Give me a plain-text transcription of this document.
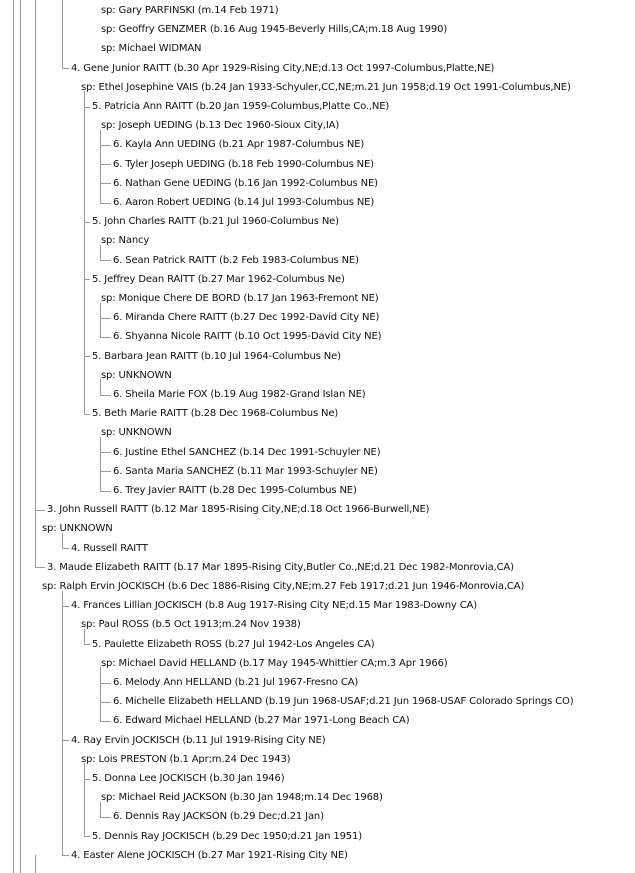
sp: Gary PARFINSKI (m.14 Feb 1971)
sp: Geoffry GENZMER (b.16 Aug 1945-Beverly Hills,CA;m.18 Aug 1990)
sp: Michael WIDMAN
4. Gene Junior RAITT (b.30 Apr 1929-Rising City,NE;d.13 Oct 1997-Columbus,Platte,NE)
sp: Ethel Josephine VAIS (b.24 Jan 1933-Schyuler,CC,NE;m.21 Jun 1958;d.19 Oct 1991-Columbus,NE)
5. Patricia Ann RAITT (b.20 Jan 1959-Columbus,Platte Co.,NE)
sp: Joseph UEDING (b.13 Dec 1960-Sioux City,IA)
6. Kayla Ann UEDING (b.21 Apr 1987-Columbus NE)
6. Tyler Joseph UEDING (b.18 Feb 1990-Columbus NE)
6. Nathan Gene UEDING (b.16 Jan 1992-Columbus NE)
6. Aaron Robert UEDING (b.14 Jul 1993-Columbus NE)
5. John Charles RAITT (b.21 Jul 1960-Columbus Ne)
sp: Nancy
6. Sean Patrick RAITT (b.2 Feb 1983-Columbus NE)
5. Jeffrey Dean RAITT (b.27 Mar 1962-Columbus Ne)
sp: Monique Chere DE BORD (b.17 Jan 1963-Fremont NE)
6. Miranda Chere RAITT (b.27 Dec 1992-David City NE)
6. Shyanna Nicole RAITT (b.10 Oct 1995-David City NE)
5. Barbara Jean RAITT (b.10 Jul 1964-Columbus Ne)
sp: UNKNOWN
6. Sheila Marie FOX (b.19 Aug 1982-Grand Islan NE)
5. Beth Marie RAITT (b.28 Dec 1968-Columbus Ne)
sp: UNKNOWN
6. Justine Ethel SANCHEZ (b.14 Dec 1991-Schuyler NE)
6. Santa Maria SANCHEZ (b.11 Mar 1993-Schuyler NE)
6. Trey Javier RAITT (b.28 Dec 1995-Columbus NE)
3. John Russell RAITT (b.12 Mar 1895-Rising City,NE;d.18 Oct 1966-Burwell,NE)
sp: UNKNOWN
4. Russell RAITT
3. Maude Elizabeth RAITT (b.17 Mar 1895-Rising City,Butler Co.,NE;d.21 Dec 1982-Monrovia,CA)
sp: Ralph Ervin JOCKISCH (b.6 Dec 1886-Rising City,NE;m.27 Feb 1917;d.21 Jun 1946-Monrovia,CA)
4. Frances Lillian JOCKISCH (b.8 Aug 1917-Rising City NE;d.15 Mar 1983-Downy CA)
sp: Paul ROSS (b.5 Oct 1913;m.24 Nov 1938)
5. Paulette Elizabeth ROSS (b.27 Jul 1942-Los Angeles CA)
sp: Michael David HELLAND (b.17 May 1945-Whittier CA;m.3 Apr 1966)
6. Melody Ann HELLAND (b.21 Jul 1967-Fresno CA)
6. Michelle Elizabeth HELLAND (b.19 Jun 1968-USAF;d.21 Jun 1968-USAF Colorado Springs CO)
6. Edward Michael HELLAND (b.27 Mar 1971-Long Beach CA)
4. Ray Ervin JOCKISCH (b.11 Jul 1919-Rising City NE)
sp: Lois PRESTON (b.1 Apr;m.24 Dec 1943)
5. Donna Lee JOCKISCH (b.30 Jan 1946)
sp: Michael Reid JACKSON (b.30 Jan 1948;m.14 Dec 1968)
6. Dennis Ray JACKSON (b.29 Dec;d.21 Jan)
5. Dennis Ray JOCKISCH (b.29 Dec 1950;d.21 Jan 1951)
4. Easter Alene JOCKISCH (b.27 Mar 1921-Rising City NE)
